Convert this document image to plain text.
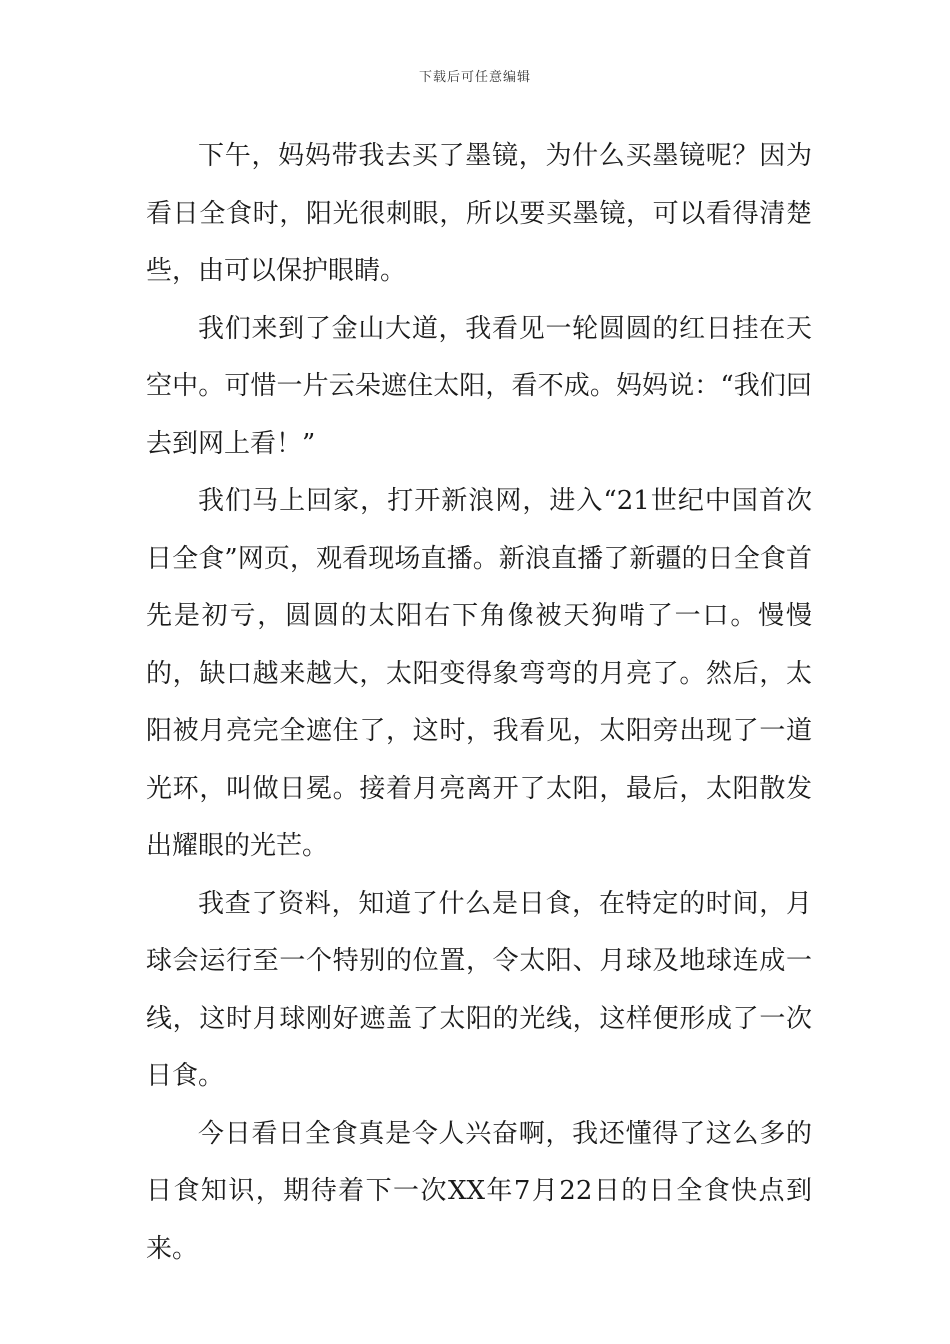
下载后可任意编辑

下午，妈妈带我去买了墨镜，为什么买墨镜呢？因为看日全食时，阳光很刺眼，所以要买墨镜，可以看得清楚些，由可以保护眼睛。

我们来到了金山大道，我看见一轮圆圆的红日挂在天空中。可惜一片云朵遮住太阳，看不成。妈妈说：“我们回去到网上看！”

我们马上回家，打开新浪网，进入“21世纪中国首次日全食”网页，观看现场直播。新浪直播了新疆的日全食首先是初亏，圆圆的太阳右下角像被天狗啃了一口。慢慢的，缺口越来越大，太阳变得象弯弯的月亮了。然后，太阳被月亮完全遮住了，这时，我看见，太阳旁出现了一道光环，叫做日冕。接着月亮离开了太阳，最后，太阳散发出耀眼的光芒。

我查了资料，知道了什么是日食，在特定的时间，月球会运行至一个特别的位置，令太阳、月球及地球连成一线，这时月球刚好遮盖了太阳的光线，这样便形成了一次日食。

今日看日全食真是令人兴奋啊，我还懂得了这么多的日食知识，期待着下一次XX年7月22日的日全食快点到来。
